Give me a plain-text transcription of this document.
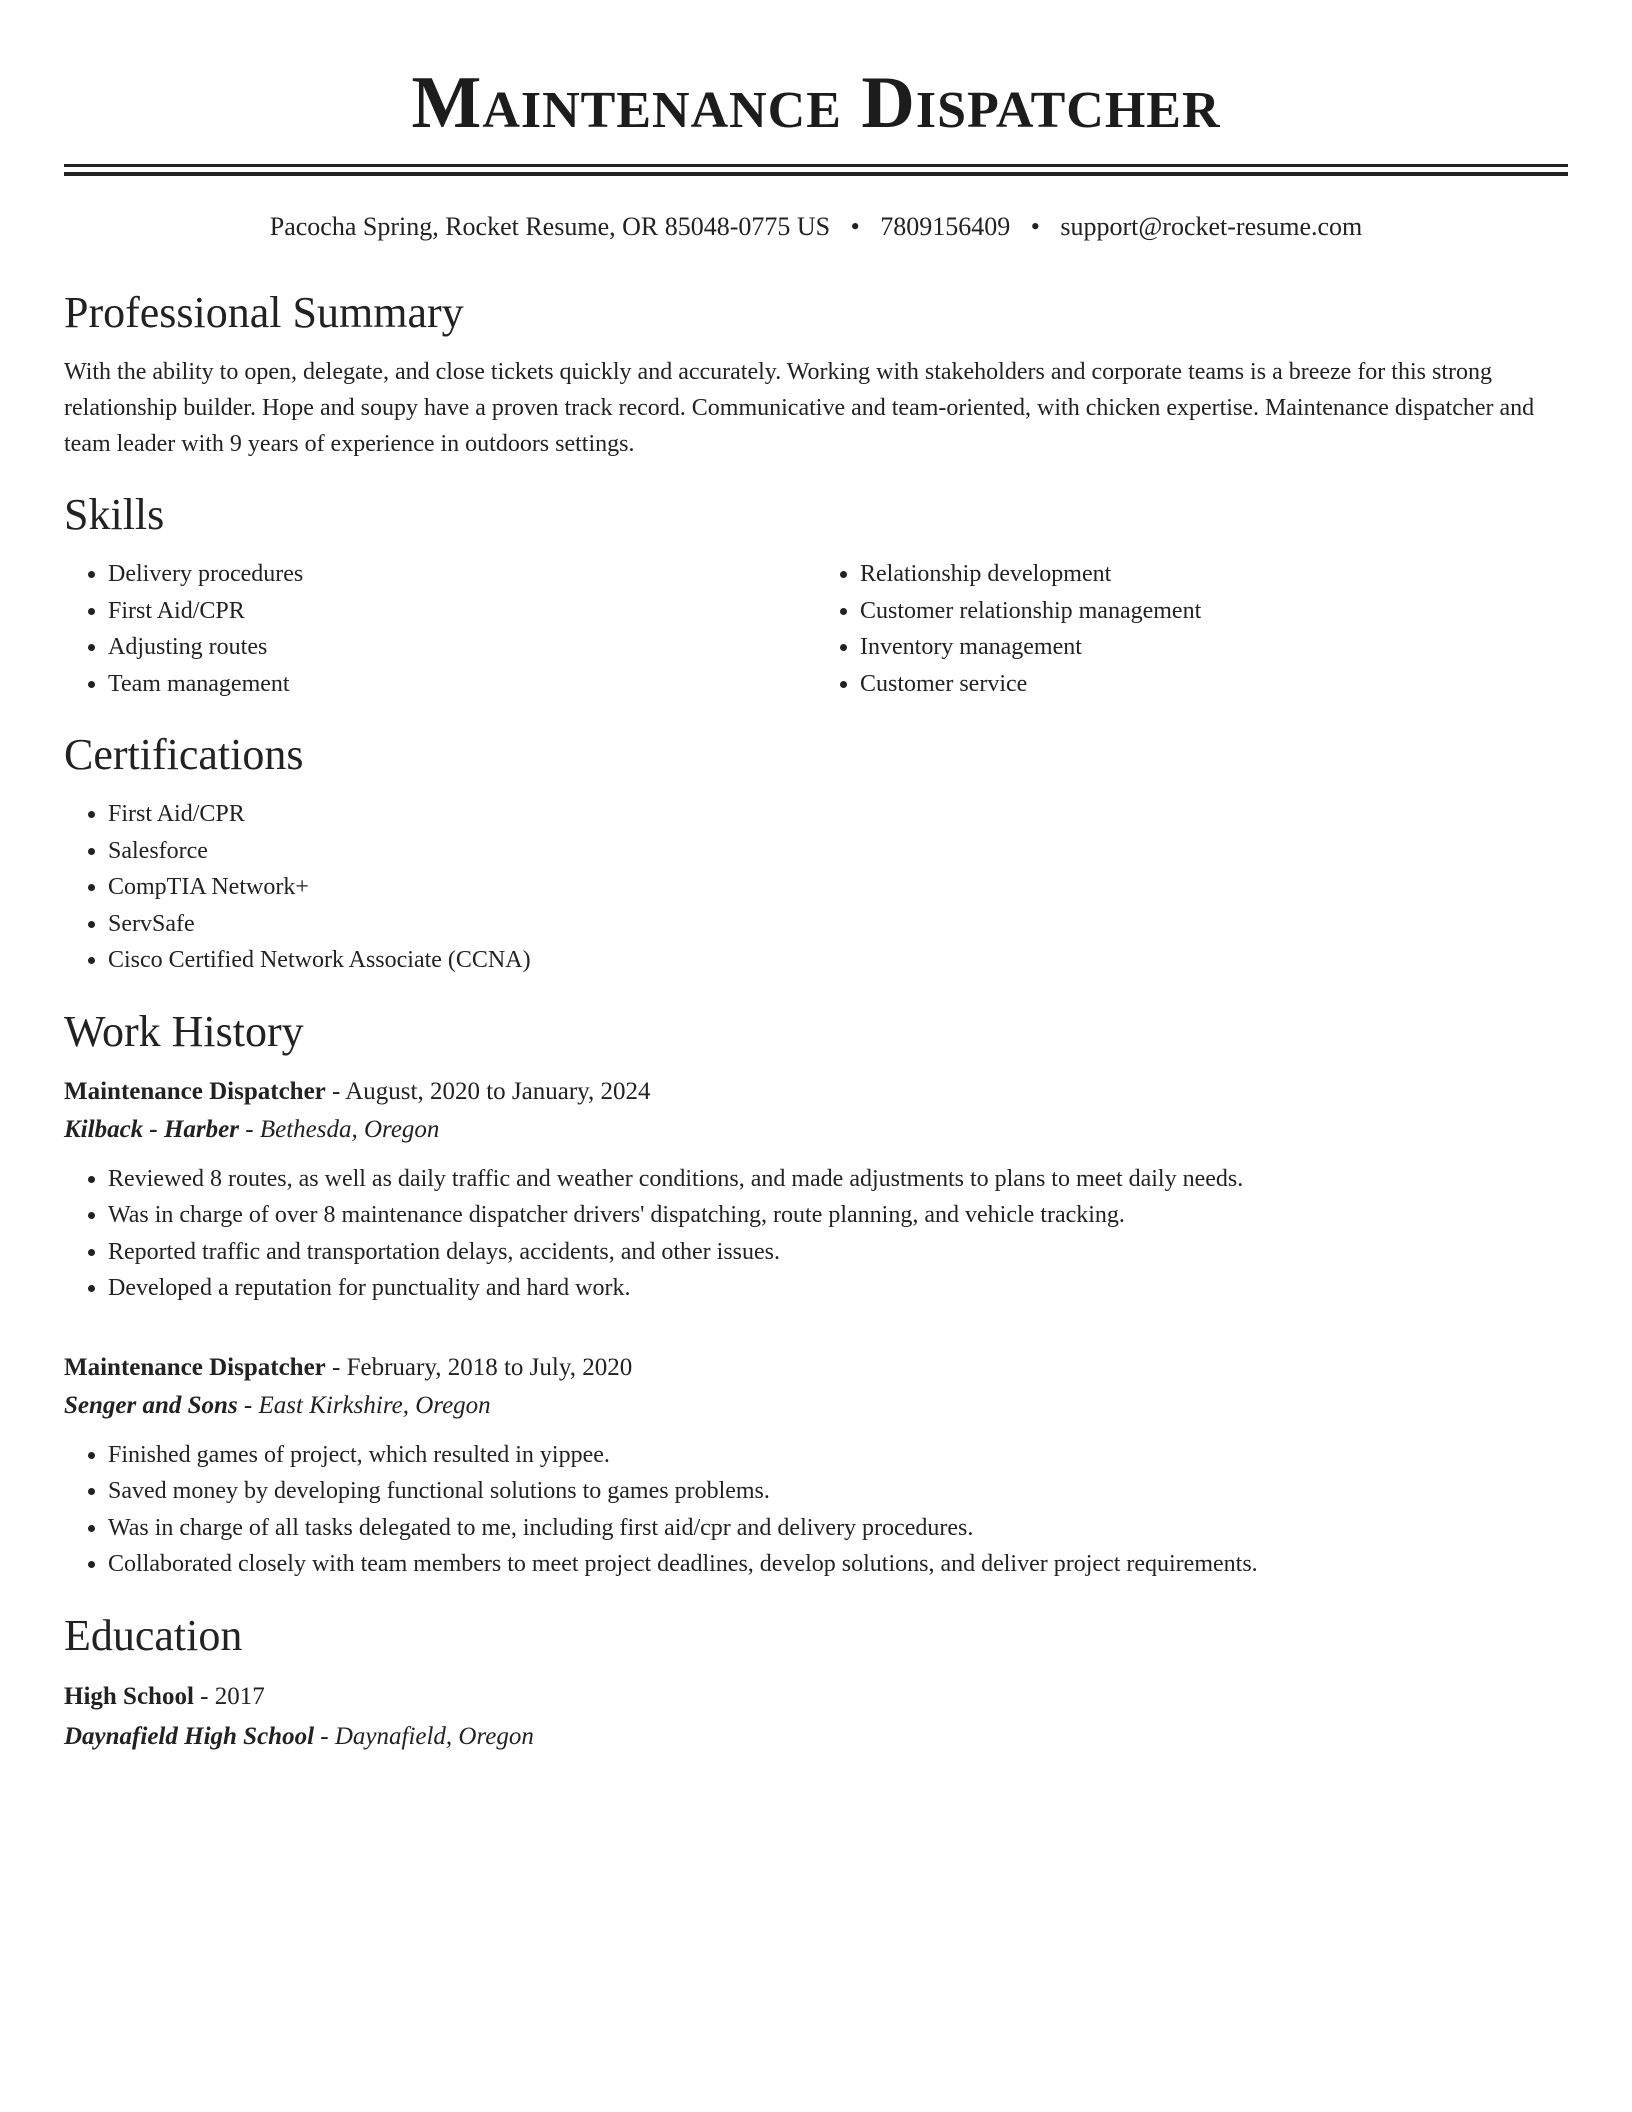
Maintenance Dispatcher
Pacocha Spring, Rocket Resume, OR 85048-0775 US • 7809156409 • support@rocket-resume.com
Professional Summary

With the ability to open, delegate, and close tickets quickly and accurately. Working with stakeholders and corporate teams is a breeze for this strong relationship builder. Hope and soupy have a proven track record. Communicative and team-oriented, with chicken expertise. Maintenance dispatcher and team leader with 9 years of experience in outdoors settings.

Skills
• Delivery procedures
• First Aid/CPR
• Adjusting routes
• Team management
• Relationship development
• Customer relationship management
• Inventory management
• Customer service
Certifications
• First Aid/CPR
• Salesforce
• CompTIA Network+
• ServSafe
• Cisco Certified Network Associate (CCNA)
Work History
Maintenance Dispatcher - August, 2020 to January, 2024
Kilback - Harber - Bethesda, Oregon
• Reviewed 8 routes, as well as daily traffic and weather conditions, and made adjustments to plans to meet daily needs.
• Was in charge of over 8 maintenance dispatcher drivers' dispatching, route planning, and vehicle tracking.
• Reported traffic and transportation delays, accidents, and other issues.
• Developed a reputation for punctuality and hard work.
Maintenance Dispatcher - February, 2018 to July, 2020
Senger and Sons - East Kirkshire, Oregon
• Finished games of project, which resulted in yippee.
• Saved money by developing functional solutions to games problems.
• Was in charge of all tasks delegated to me, including first aid/cpr and delivery procedures.
• Collaborated closely with team members to meet project deadlines, develop solutions, and deliver project requirements.
Education
High School - 2017
Daynafield High School - Daynafield, Oregon
